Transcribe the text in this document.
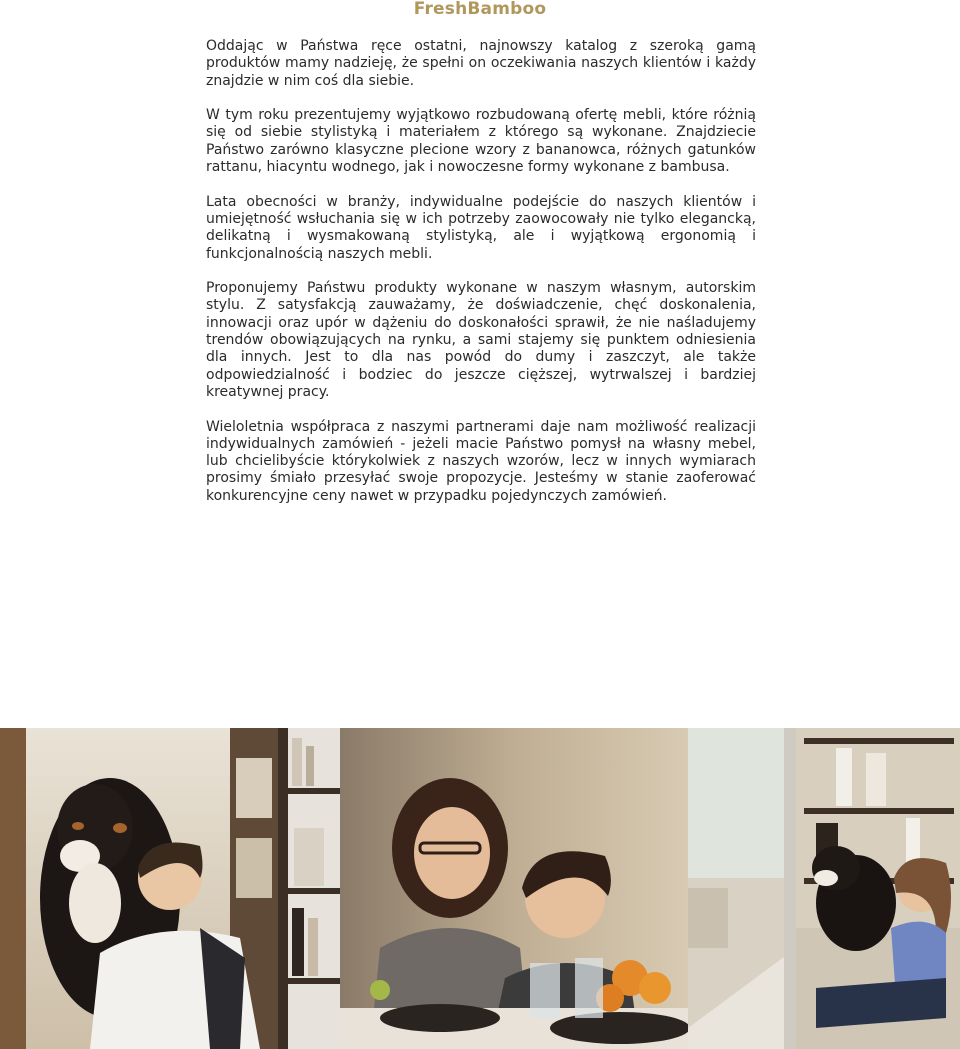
FreshBamboo

Oddając w Państwa ręce ostatni, najnowszy katalog z szeroką gamą produktów mamy nadzieję, że spełni on oczekiwania naszych klientów i każdy znajdzie w nim coś dla siebie.

W tym roku prezentujemy wyjątkowo rozbudowaną ofertę mebli, które różnią się od siebie stylistyką i materiałem z którego są wykonane. Znajdziecie Państwo zarówno klasyczne plecione wzory z bananowca, różnych gatunków rattanu, hiacyntu wodnego, jak i nowoczesne formy wykonane z bambusa.

Lata obecności w branży, indywidualne podejście do naszych klientów i umiejętność wsłuchania się w ich potrzeby zaowocowały nie tylko elegancką, delikatną i wysmakowaną stylistyką, ale i wyjątkową ergonomią i funkcjonalnością naszych mebli.

Proponujemy Państwu produkty wykonane w naszym własnym, autorskim stylu. Z satysfakcją zauważamy, że doświadczenie, chęć doskonalenia, innowacji oraz upór w dążeniu do doskonałości sprawił, że nie naśladujemy trendów obowiązujących na rynku, a sami stajemy się punktem odniesienia dla innych. Jest to dla nas powód do dumy i zaszczyt, ale także odpowiedzialność i bodziec do jeszcze cięższej, wytrwalszej i bardziej kreatywnej pracy.

Wieloletnia współpraca z naszymi partnerami daje nam możliwość realizacji indywidualnych zamówień - jeżeli macie Państwo pomysł na własny mebel, lub chcielibyście którykolwiek z naszych wzorów, lecz w innych wymiarach prosimy śmiało przesyłać swoje propozycje. Jesteśmy w stanie zaoferować konkurencyjne ceny nawet w przypadku pojedynczych zamówień.
